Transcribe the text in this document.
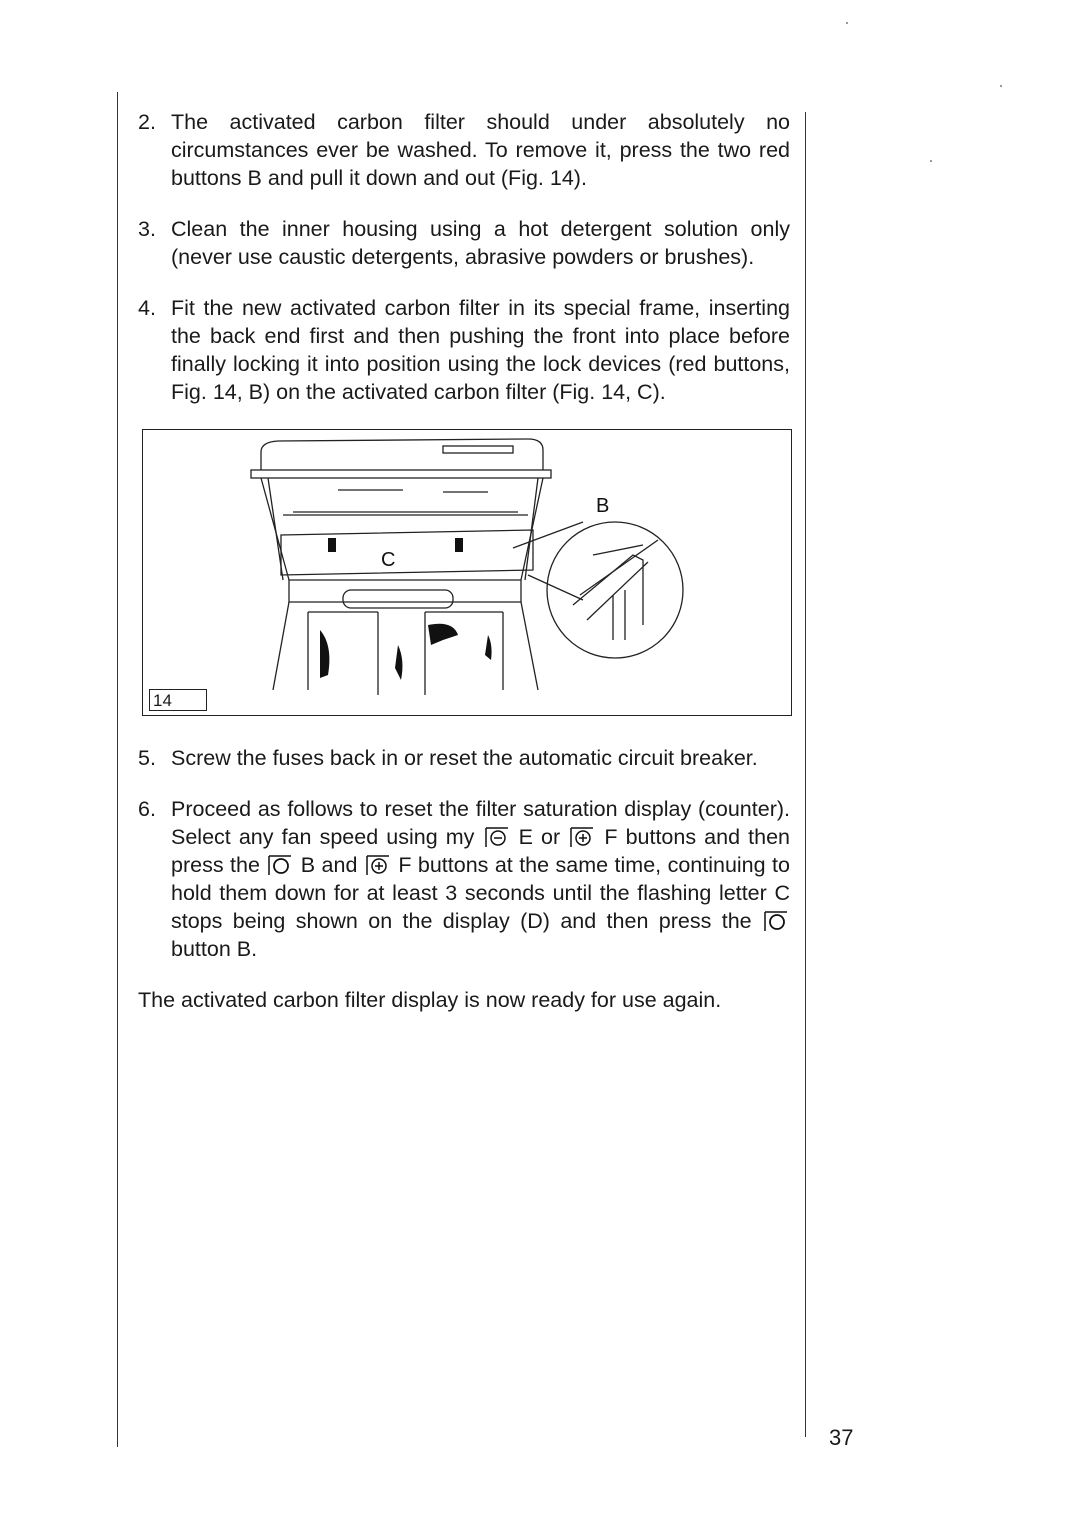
2. The activated carbon filter should under absolutely no circumstances ever be washed. To remove it, press the two red buttons B and pull it down and out (Fig. 14).
3. Clean the inner housing using a hot detergent solution only (never use caustic detergents, abrasive powders or brushes).
4. Fit the new activated carbon filter in its special frame, inserting the back end first and then pushing the front into place before finally locking it into position using the lock devices (red buttons, Fig. 14, B) on the activated carbon filter (Fig. 14, C).
B
C
14
5. Screw the fuses back in or reset the automatic circuit breaker.
6. Proceed as follows to reset the filter saturation display (counter). Select any fan speed using my E or F buttons and then press the B and F buttons at the same time, continuing to hold them down for at least 3 seconds until the flashing letter C stops being shown on the display (D) and then press the  button B.
The activated carbon filter display is now ready for use again.
37
